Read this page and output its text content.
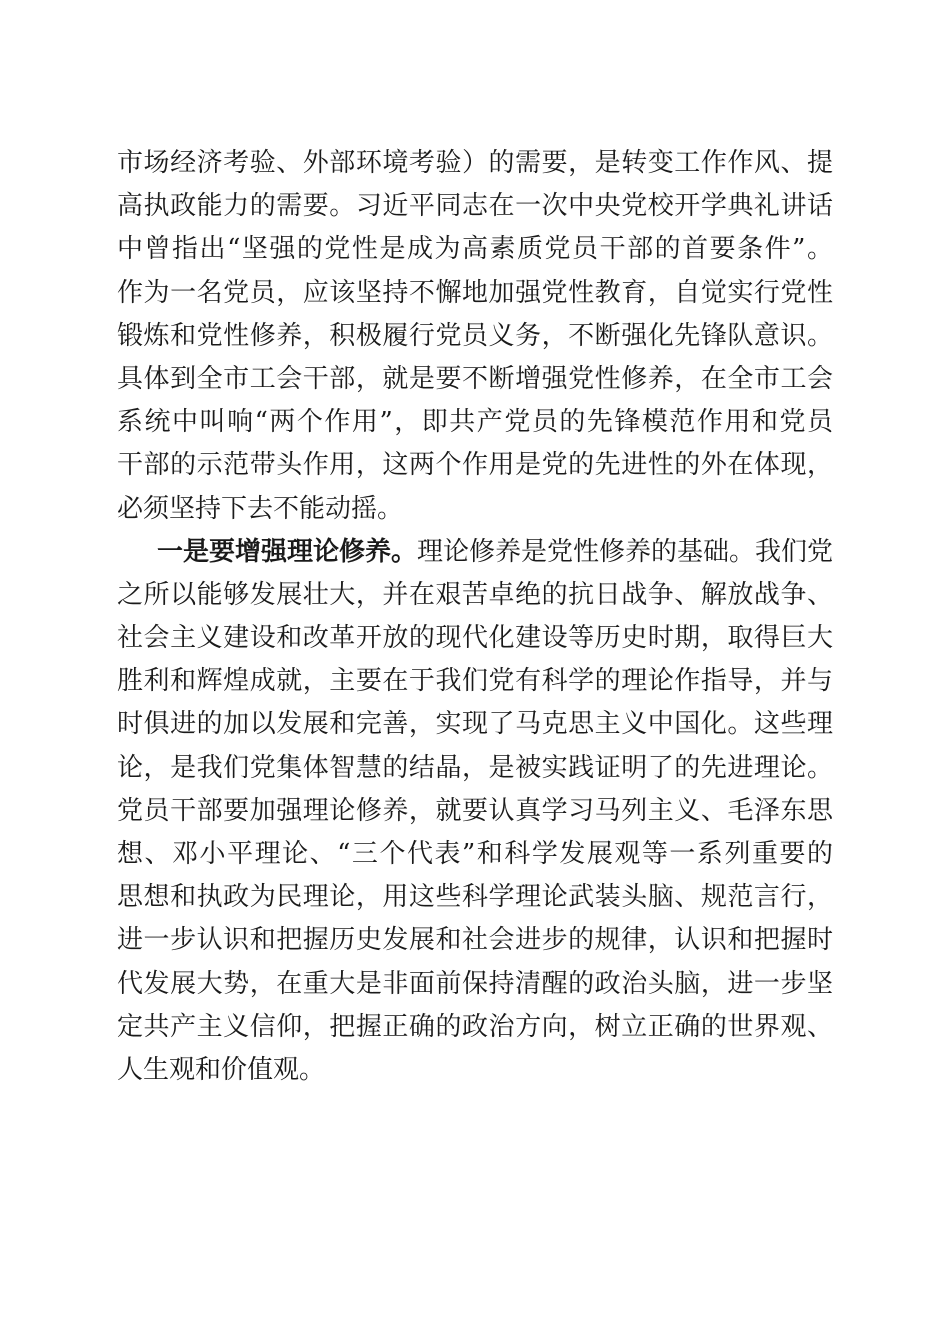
市场经济考验、外部环境考验）的需要，是转变工作作风、提
高执政能力的需要。习近平同志在一次中央党校开学典礼讲话
中曾指出“坚强的党性是成为高素质党员干部的首要条件”。
作为一名党员，应该坚持不懈地加强党性教育，自觉实行党性
锻炼和党性修养，积极履行党员义务，不断强化先锋队意识。
具体到全市工会干部，就是要不断增强党性修养，在全市工会
系统中叫响“两个作用”，即共产党员的先锋模范作用和党员
干部的示范带头作用，这两个作用是党的先进性的外在体现，
必须坚持下去不能动摇。
一是要增强理论修养。理论修养是党性修养的基础。我们党
之所以能够发展壮大，并在艰苦卓绝的抗日战争、解放战争、
社会主义建设和改革开放的现代化建设等历史时期，取得巨大
胜利和辉煌成就，主要在于我们党有科学的理论作指导，并与
时俱进的加以发展和完善，实现了马克思主义中国化。这些理
论，是我们党集体智慧的结晶，是被实践证明了的先进理论。
党员干部要加强理论修养，就要认真学习马列主义、毛泽东思
想、邓小平理论、“三个代表”和科学发展观等一系列重要的
思想和执政为民理论，用这些科学理论武装头脑、规范言行，
进一步认识和把握历史发展和社会进步的规律，认识和把握时
代发展大势，在重大是非面前保持清醒的政治头脑，进一步坚
定共产主义信仰，把握正确的政治方向，树立正确的世界观、
人生观和价值观。
